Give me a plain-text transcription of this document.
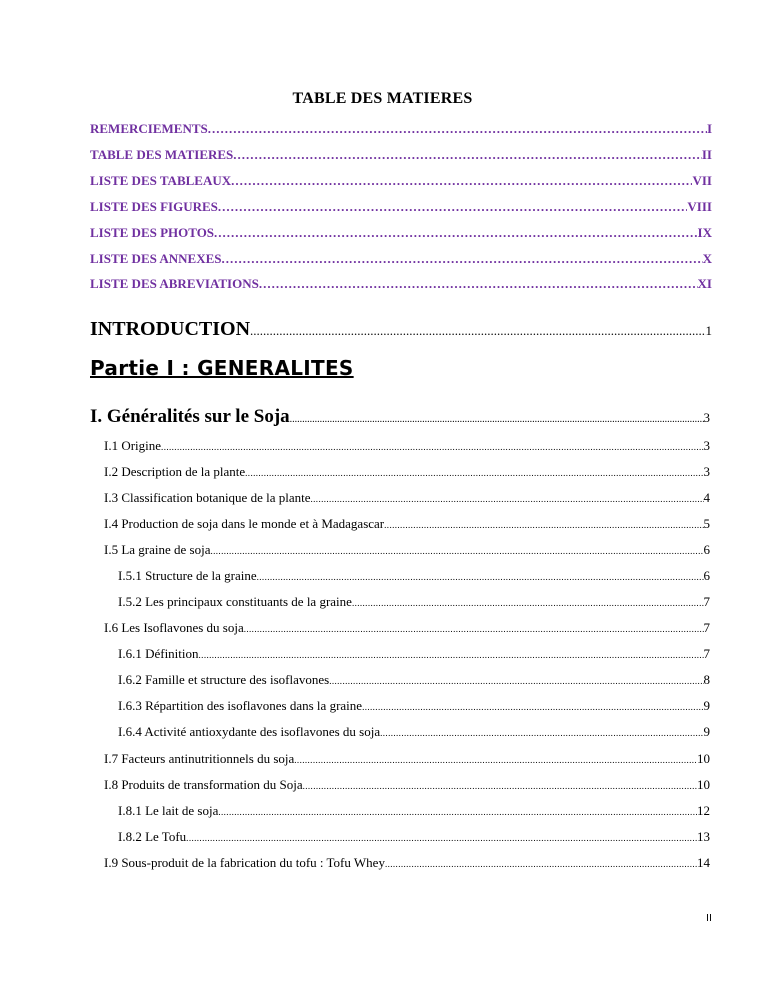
TABLE DES MATIERES
REMERCIEMENTS .....	I
TABLE DES MATIERES .....	II
LISTE DES TABLEAUX .....	VII
LISTE DES FIGURES .....	VIII
LISTE DES PHOTOS .....	IX
LISTE DES ANNEXES .....	X
LISTE DES ABREVIATIONS .....	XI
INTRODUCTION .....	1
Partie I : GENERALITES
I. Généralités sur le Soja .....	3
I.1 Origine .....	3
I.2 Description de la plante .....	3
I.3 Classification botanique de la plante .....	4
I.4 Production de soja dans le monde et à Madagascar .....	5
I.5 La graine de soja .....	6
I.5.1 Structure de la graine .....	6
I.5.2 Les principaux constituants de la graine .....	7
I.6 Les Isoflavones du soja .....	7
I.6.1 Définition .....	7
I.6.2 Famille et structure des isoflavones .....	8
I.6.3 Répartition des isoflavones dans la graine .....	9
I.6.4 Activité antioxydante des isoflavones du soja .....	9
I.7 Facteurs antinutritionnels du soja .....	10
I.8 Produits de transformation du Soja .....	10
I.8.1 Le lait de soja .....	12
I.8.2 Le Tofu .....	13
I.9 Sous-produit de la fabrication du tofu : Tofu Whey .....	14
II
